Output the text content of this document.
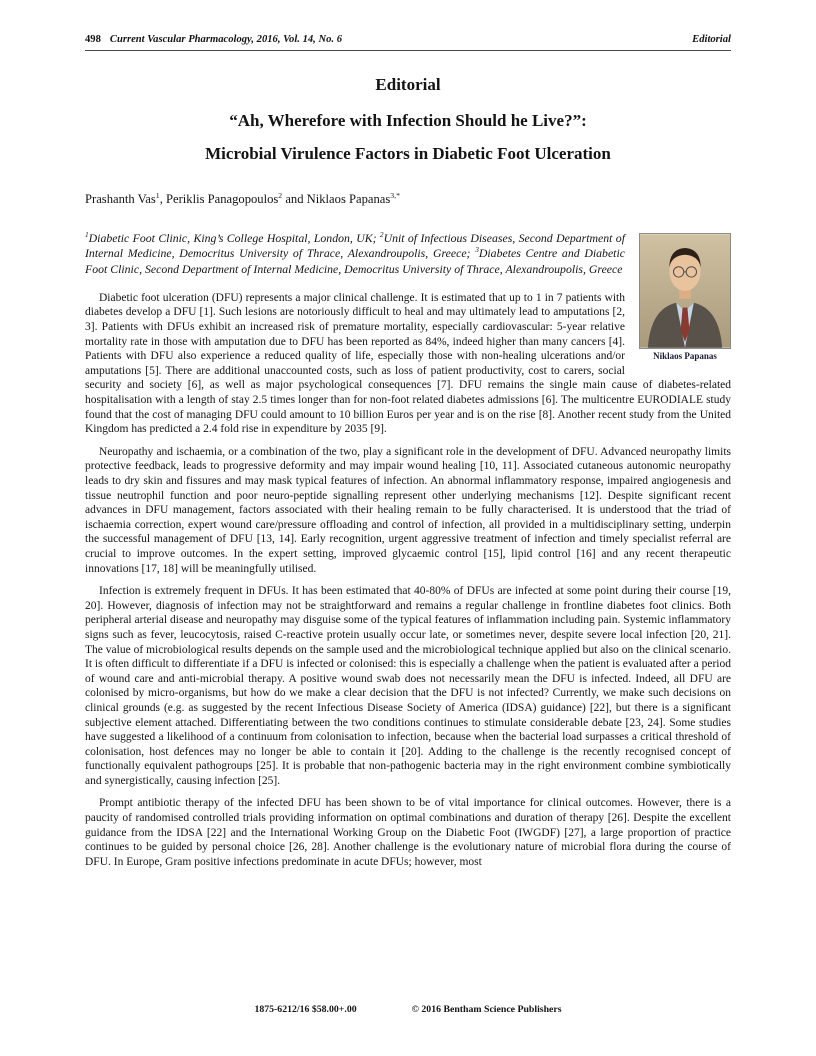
498 Current Vascular Pharmacology, 2016, Vol. 14, No. 6	Editorial
Editorial
“Ah, Wherefore with Infection Should he Live?”:
Microbial Virulence Factors in Diabetic Foot Ulceration

Prashanth Vas$^1$, Periklis Panagopoulos$^2$ and Niklaos Papanas$^{3,*}$

Niklaos Papanas

$^1$Diabetic Foot Clinic, King’s College Hospital, London, UK; $^2$Unit of Infectious Diseases, Second Department of Internal Medicine, Democritus University of Thrace, Alexandroupolis, Greece; $^3$Diabetes Centre and Diabetic Foot Clinic, Second Department of Internal Medicine, Democritus University of Thrace, Alexandroupolis, Greece

Diabetic foot ulceration (DFU) represents a major clinical challenge. It is estimated that up to 1 in 7 patients with diabetes develop a DFU [1]. Such lesions are notoriously difficult to heal and may ultimately lead to amputations [2, 3]. Patients with DFUs exhibit an increased risk of premature mortality, especially cardiovascular: 5-year relative mortality rate in those with amputation due to DFU has been reported as 84%, indeed higher than many cancers [4]. Patients with DFU also experience a reduced quality of life, especially those with non-healing ulcerations and/or amputations [5]. There are additional unaccounted costs, such as loss of patient productivity, cost to carers, social security and society [6], as well as major psychological consequences [7]. DFU remains the single main cause of diabetes-related hospitalisation with a length of stay 2.5 times longer than for non-foot related diabetes admissions [6]. The multicentre EURODIALE study found that the cost of managing DFU could amount to 10 billion Euros per year and is on the rise [8]. Another recent study from the United Kingdom has predicted a 2.4 fold rise in expenditure by 2035 [9].

Neuropathy and ischaemia, or a combination of the two, play a significant role in the development of DFU. Advanced neuropathy limits protective feedback, leads to progressive deformity and may impair wound healing [10, 11]. Associated cutaneous autonomic neuropathy leads to dry skin and fissures and may mask typical features of infection. An abnormal inflammatory response, impaired angiogenesis and tissue neutrophil function and poor neuro-peptide signalling represent other underlying mechanisms [12]. Despite significant recent advances in DFU management, factors associated with their healing remain to be fully characterised. It is understood that the triad of ischaemia correction, expert wound care/pressure offloading and control of infection, all provided in a multidisciplinary setting, underpin the successful management of DFU [13, 14]. Early recognition, urgent aggressive treatment of infection and timely specialist referral are crucial to improve outcomes. In the expert setting, improved glycaemic control [15], lipid control [16] and any recent therapeutic innovations [17, 18] will be meaningfully utilised.

Infection is extremely frequent in DFUs. It has been estimated that 40-80% of DFUs are infected at some point during their course [19, 20]. However, diagnosis of infection may not be straightforward and remains a regular challenge in frontline diabetes foot clinics. Both peripheral arterial disease and neuropathy may disguise some of the typical features of inflammation including pain. Systemic inflammatory signs such as fever, leucocytosis, raised C-reactive protein usually occur late, or sometimes never, despite severe local infection [20, 21]. The value of microbiological results depends on the sample used and the microbiological technique applied but also on the clinical scenario. It is often difficult to differentiate if a DFU is infected or colonised: this is especially a challenge when the patient is evaluated after a period of wound care and anti-microbial therapy. A positive wound swab does not necessarily mean the DFU is infected. Indeed, all DFU are colonised by micro-organisms, but how do we make a clear decision that the DFU is not infected? Currently, we make such decisions on clinical grounds (e.g. as suggested by the recent Infectious Disease Society of America (IDSA) guidance) [22], but there is a significant subjective element attached. Differentiating between the two conditions continues to stimulate considerable debate [23, 24]. Some studies have suggested a likelihood of a continuum from colonisation to infection, because when the bacterial load surpasses a critical threshold of colonisation, host defences may no longer be able to contain it [20]. Adding to the challenge is the recently recognised concept of functionally equivalent pathogroups [25]. It is probable that non-pathogenic bacteria may in the right environment combine symbiotically and synergistically, causing infection [25].

Prompt antibiotic therapy of the infected DFU has been shown to be of vital importance for clinical outcomes. However, there is a paucity of randomised controlled trials providing information on optimal combinations and duration of therapy [26]. Despite the excellent guidance from the IDSA [22] and the International Working Group on the Diabetic Foot (IWGDF) [27], a large proportion of practice continues to be guided by personal choice [26, 28]. Another challenge is the evolutionary nature of microbial flora during the course of DFU. In Europe, Gram positive infections predominate in acute DFUs; however, most

1875-6212/16 $58.00+.00	© 2016 Bentham Science Publishers
